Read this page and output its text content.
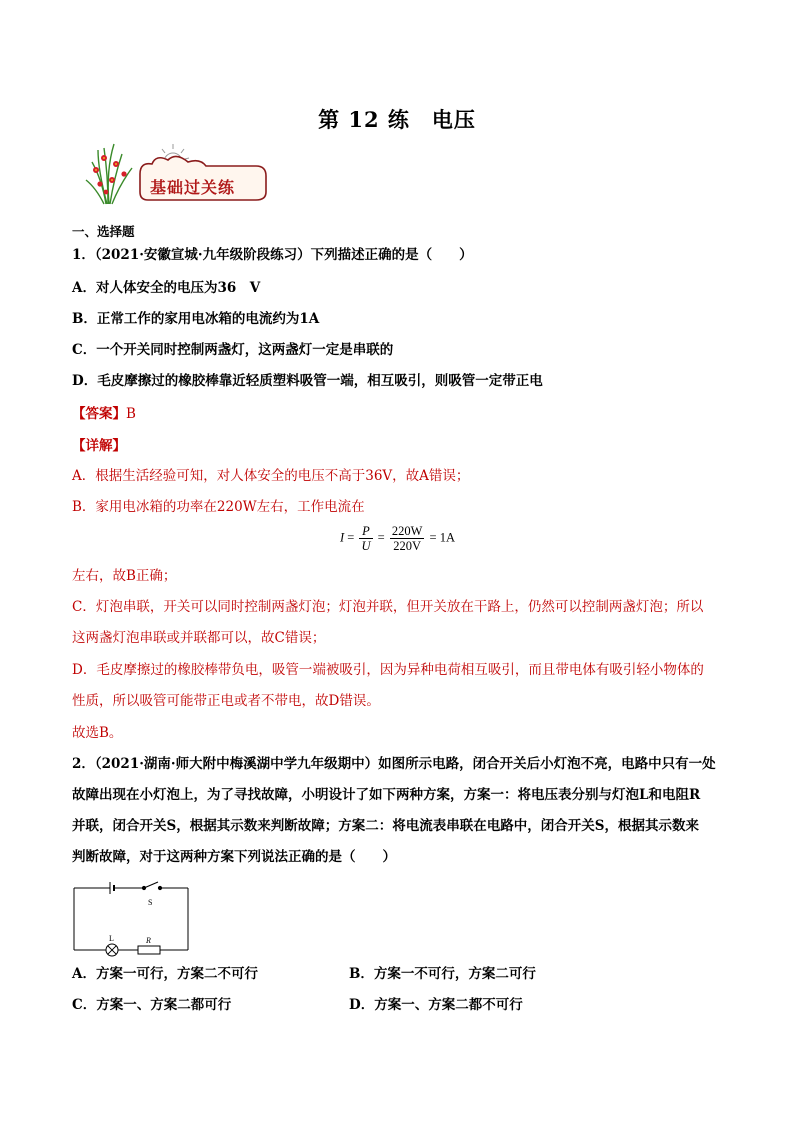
第 12 练 电压
基础过关练
一、选择题
1．（2021·安徽宣城·九年级阶段练习）下列描述正确的是（　　）
A．对人体安全的电压为36　V
B．正常工作的家用电冰箱的电流约为1A
C．一个开关同时控制两盏灯，这两盏灯一定是串联的
D．毛皮摩擦过的橡胶棒靠近轻质塑料吸管一端，相互吸引，则吸管一定带正电
【答案】B
【详解】
A．根据生活经验可知，对人体安全的电压不高于36V，故A错误；
B．家用电冰箱的功率在220W左右，工作电流在
$I = \frac{P}{U} = \frac{220W}{220V} = 1A$
左右，故B正确；
C．灯泡串联，开关可以同时控制两盏灯泡；灯泡并联，但开关放在干路上，仍然可以控制两盏灯泡；所以
这两盏灯泡串联或并联都可以，故C错误；
D．毛皮摩擦过的橡胶棒带负电，吸管一端被吸引，因为异种电荷相互吸引，而且带电体有吸引轻小物体的
性质，所以吸管可能带正电或者不带电，故D错误。
故选B。
2．（2021·湖南·师大附中梅溪湖中学九年级期中）如图所示电路，闭合开关后小灯泡不亮，电路中只有一处
故障出现在小灯泡上，为了寻找故障，小明设计了如下两种方案，方案一：将电压表分别与灯泡L和电阻R
并联，闭合开关S，根据其示数来判断故障；方案二：将电流表串联在电路中，闭合开关S，根据其示数来
判断故障，对于这两种方案下列说法正确的是（　　）
S
L	R
A．方案一可行，方案二不可行	B．方案一不可行，方案二可行
C．方案一、方案二都可行	D．方案一、方案二都不可行
